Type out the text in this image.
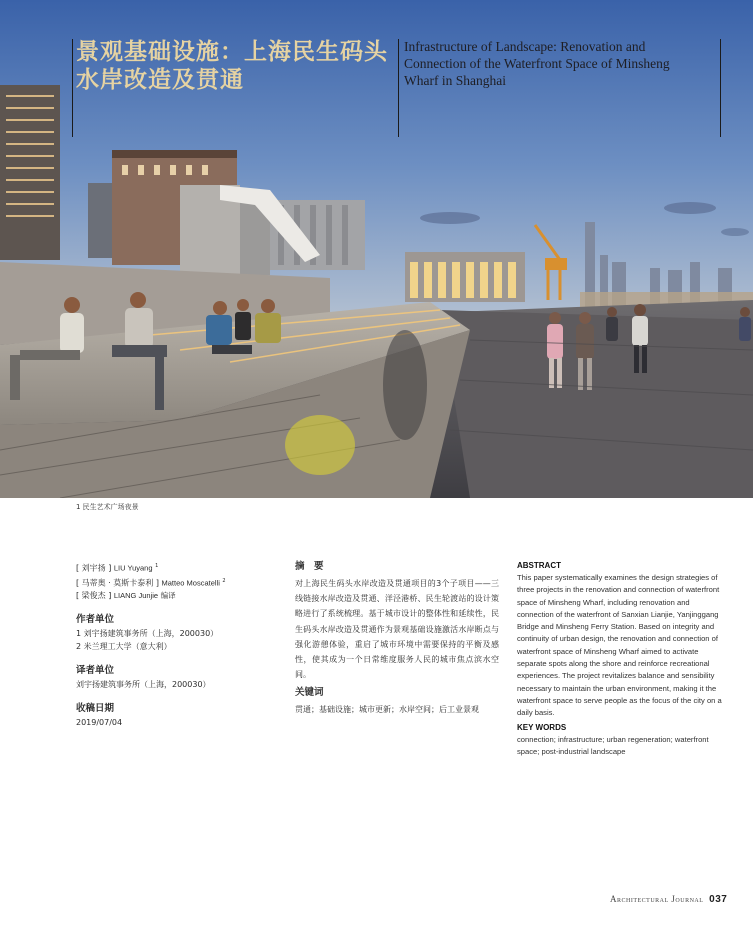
景观基础设施：上海民生码头
水岸改造及贯通
Infrastructure of Landscape: Renovation and Connection of the Waterfront Space of Minsheng Wharf in Shanghai
1 民生艺术广场夜景
[ 刘宇扬 ] LIU Yuyang $^1$
[ 马蒂奥 · 莫斯卡泰利 ] Matteo Moscatelli $^2$
[ 梁俊杰 ] LIANG Junjie 编译
作者单位
1 刘宇扬建筑事务所（上海，200030）
2 米兰理工大学（意大利）
译者单位
刘宇扬建筑事务所（上海，200030）
收稿日期
2019/07/04
摘　要
对上海民生码头水岸改造及贯通项目的3个子项目——三线链接水岸改造及贯通、洋泾港桥、民生轮渡站的设计策略进行了系统梳理。基于城市设计的整体性和延续性，民生码头水岸改造及贯通作为景观基础设施激活水岸断点与强化游憩体验，重启了城市环境中需要保持的平衡及感性，使其成为一个日常维度服务人民的城市焦点滨水空间。
关键词
贯通；基础设施；城市更新；水岸空间；后工业景观
ABSTRACT
This paper systematically examines the design strategies of three projects in the renovation and connection of waterfront space of Minsheng Wharf, including renovation and connection of the waterfront of Sanxian Lianjie, Yanjinggang Bridge and Minsheng Ferry Station. Based on integrity and continuity of urban design, the renovation and connection of waterfront space of Minsheng Wharf aimed to activate separate spots along the shore and reinforce recreational experiences. The project revitalizes balance and sensibility necessary to maintain the urban environment, making it the waterfront space to serve people as the focus of the city on a daily basis.
KEY WORDS
connection; infrastructure; urban regeneration; waterfront space; post-industrial landscape
Architectural Journal 037
